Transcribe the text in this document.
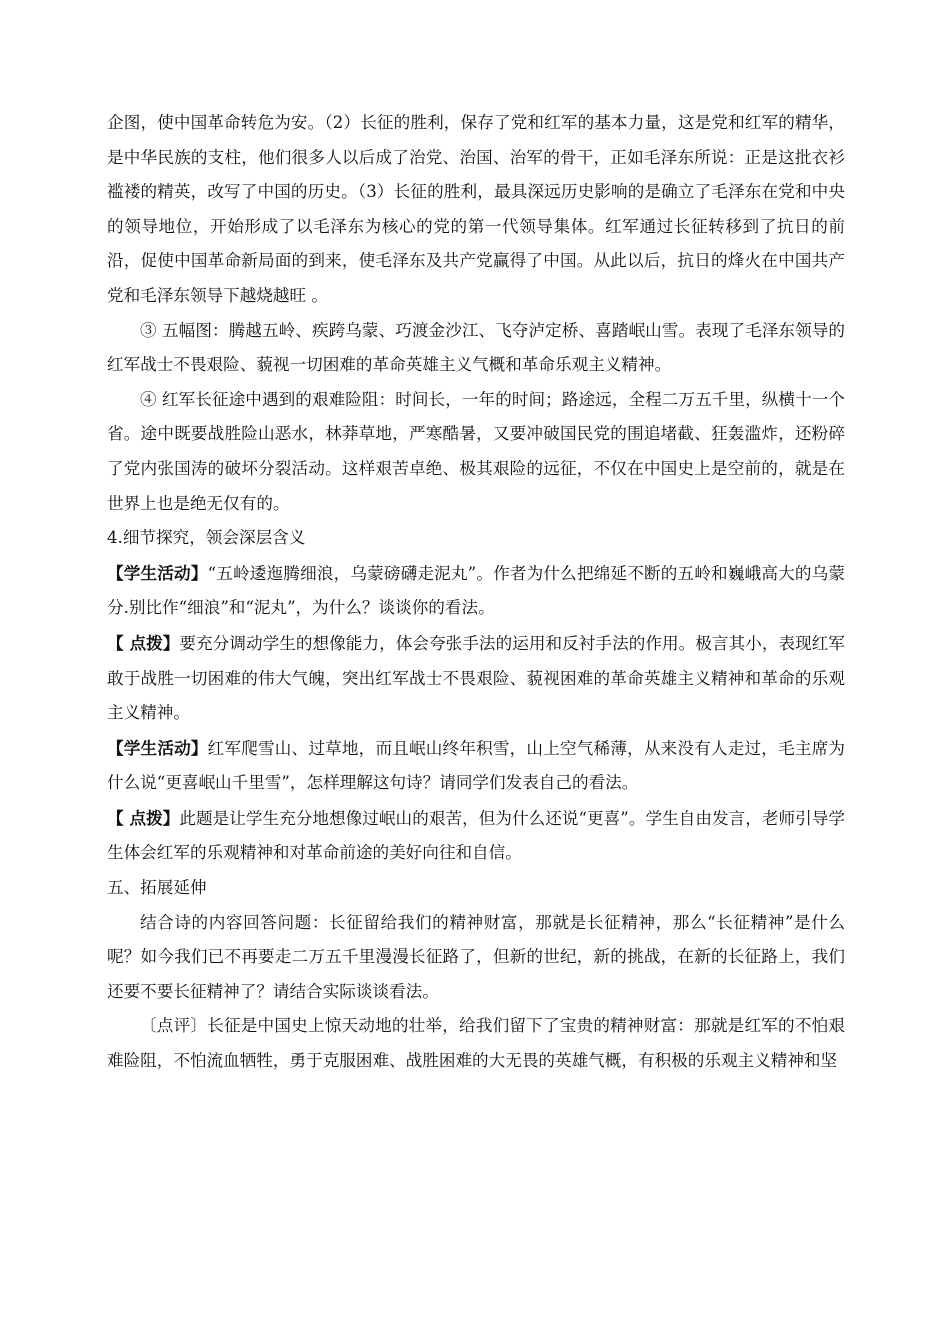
企图，使中国革命转危为安。（2）长征的胜利，保存了党和红军的基本力量，这是党和红军的精华，是中华民族的支柱，他们很多人以后成了治党、治国、治军的骨干，正如毛泽东所说：正是这批衣衫褴褛的精英，改写了中国的历史。（3）长征的胜利，最具深远历史影响的是确立了毛泽东在党和中央的领导地位，开始形成了以毛泽东为核心的党的第一代领导集体。红军通过长征转移到了抗日的前沿，促使中国革命新局面的到来，使毛泽东及共产党赢得了中国。从此以后，抗日的烽火在中国共产党和毛泽东领导下越烧越旺 。

③ 五幅图：腾越五岭、疾跨乌蒙、巧渡金沙江、飞夺泸定桥、喜踏岷山雪。表现了毛泽东领导的红军战士不畏艰险、藐视一切困难的革命英雄主义气概和革命乐观主义精神。

④ 红军长征途中遇到的艰难险阻：时间长，一年的时间；路途远，全程二万五千里，纵横十一个省。途中既要战胜险山恶水，林莽草地，严寒酷暑，又要冲破国民党的围追堵截、狂轰滥炸，还粉碎了党内张国涛的破坏分裂活动。这样艰苦卓绝、极其艰险的远征，不仅在中国史上是空前的，就是在世界上也是绝无仅有的。

4.细节探究，领会深层含义

【学生活动】“五岭逶迤腾细浪，乌蒙磅礴走泥丸”。作者为什么把绵延不断的五岭和巍峨高大的乌蒙分.别比作“细浪”和“泥丸”，为什么？谈谈你的看法。

【 点拨】要充分调动学生的想像能力，体会夸张手法的运用和反衬手法的作用。极言其小，表现红军敢于战胜一切困难的伟大气魄，突出红军战士不畏艰险、藐视困难的革命英雄主义精神和革命的乐观主义精神。

【学生活动】红军爬雪山、过草地，而且岷山终年积雪，山上空气稀薄，从来没有人走过，毛主席为什么说“更喜岷山千里雪”，怎样理解这句诗？请同学们发表自己的看法。

【 点拨】此题是让学生充分地想像过岷山的艰苦，但为什么还说“更喜”。学生自由发言，老师引导学生体会红军的乐观精神和对革命前途的美好向往和自信。

五、拓展延伸

结合诗的内容回答问题：长征留给我们的精神财富，那就是长征精神，那么“长征精神”是什么呢？如今我们已不再要走二万五千里漫漫长征路了，但新的世纪，新的挑战，在新的长征路上，我们还要不要长征精神了？请结合实际谈谈看法。

〔点评〕长征是中国史上惊天动地的壮举，给我们留下了宝贵的精神财富：那就是红军的不怕艰难险阻，不怕流血牺牲，勇于克服困难、战胜困难的大无畏的英雄气概，有积极的乐观主义精神和坚
